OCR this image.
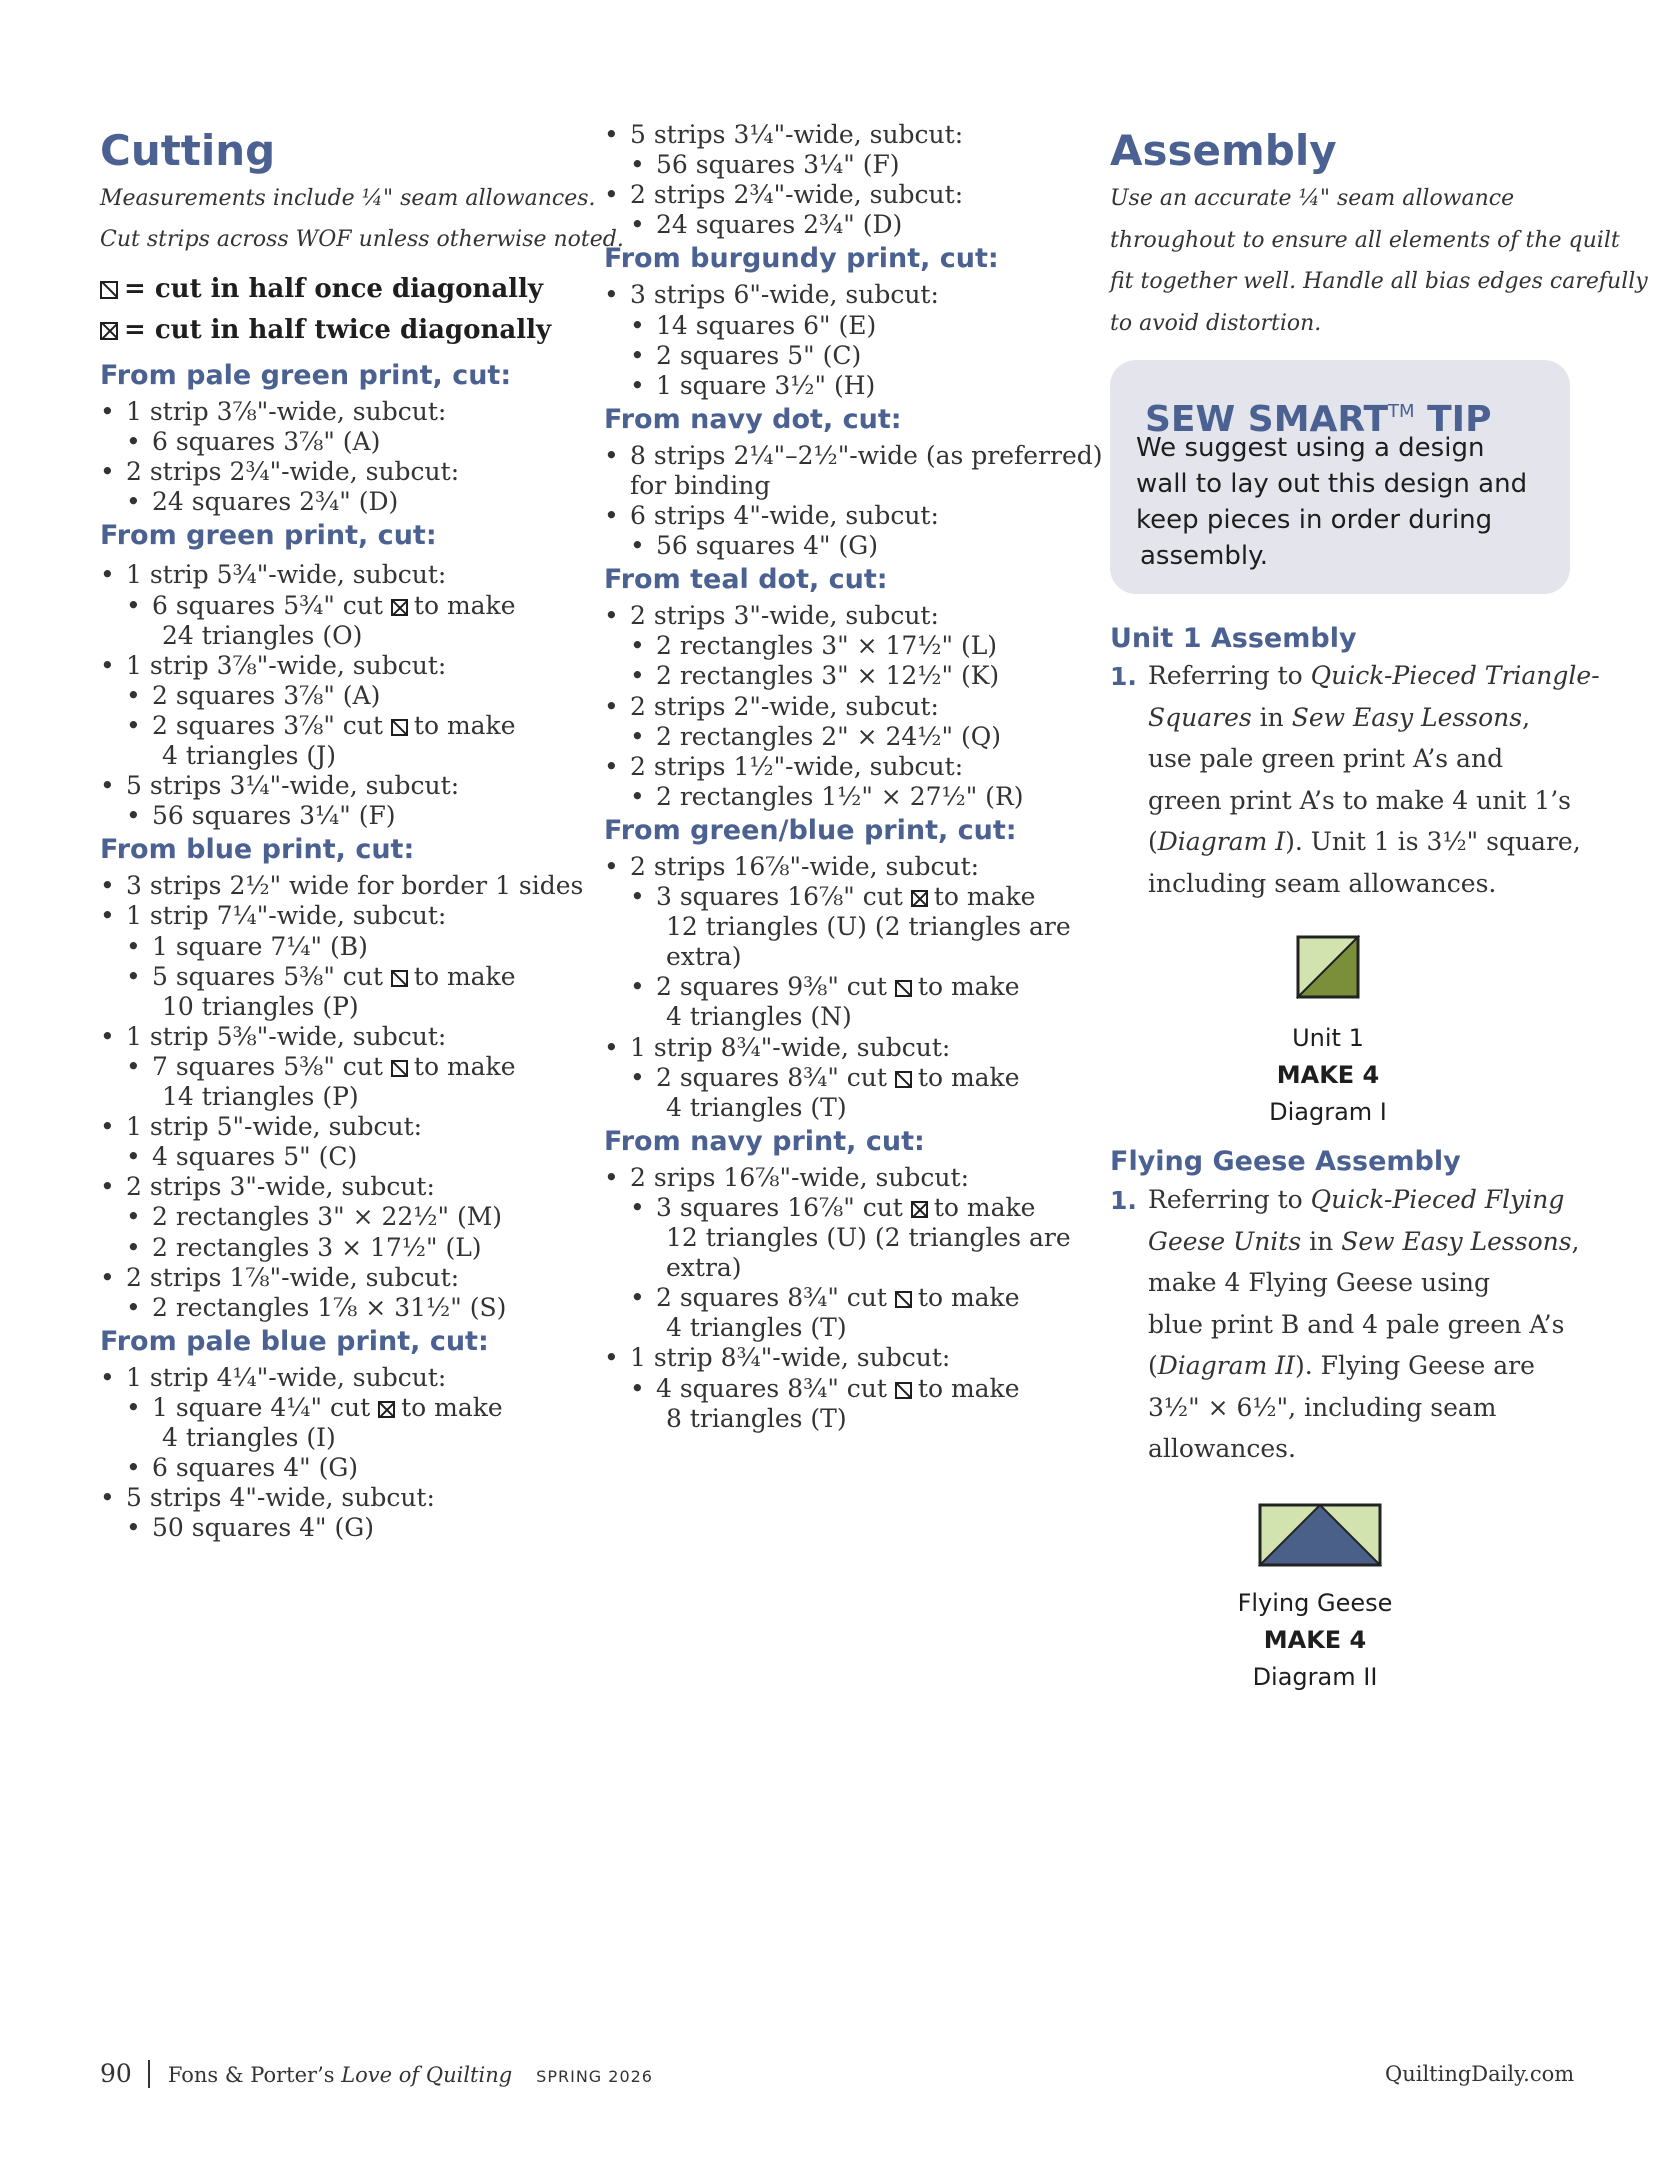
Cutting

Measurements include ¼" seam allowances.

Cut strips across WOF unless otherwise noted.

= cut in half once diagonally
= cut in half twice diagonally
From pale green print, cut:
• 1 strip 3⅞"-wide, subcut:
• 6 squares 3⅞" (A)
• 2 strips 2¾"-wide, subcut:
• 24 squares 2¾" (D)
From green print, cut:
• 1 strip 5¾"-wide, subcut:
• 6 squares 5¾" cut
to make
24 triangles (O)
• 1 strip 3⅞"-wide, subcut:
• 2 squares 3⅞" (A)
• 2 squares 3⅞" cut
to make
4 triangles (J)
• 5 strips 3¼"-wide, subcut:
• 56 squares 3¼" (F)
From blue print, cut:
• 3 strips 2½" wide for border 1 sides
• 1 strip 7¼"-wide, subcut:
• 1 square 7¼" (B)
• 5 squares 5⅜" cut
to make
10 triangles (P)
• 1 strip 5⅜"-wide, subcut:
• 7 squares 5⅜" cut
to make
14 triangles (P)
• 1 strip 5"-wide, subcut:
• 4 squares 5" (C)
• 2 strips 3"-wide, subcut:
• 2 rectangles 3" × 22½" (M)
• 2 rectangles 3 × 17½" (L)
• 2 strips 1⅞"-wide, subcut:
• 2 rectangles 1⅞ × 31½" (S)
From pale blue print, cut:
• 1 strip 4¼"-wide, subcut:
• 1 square 4¼" cut
to make
4 triangles (I)
• 6 squares 4" (G)
• 5 strips 4"-wide, subcut:
• 50 squares 4" (G)
• 5 strips 3¼"-wide, subcut:
• 56 squares 3¼" (F)
• 2 strips 2¾"-wide, subcut:
• 24 squares 2¾" (D)
From burgundy print, cut:
• 3 strips 6"-wide, subcut:
• 14 squares 6" (E)
• 2 squares 5" (C)
• 1 square 3½" (H)
From navy dot, cut:
• 8 strips 2¼"–2½"-wide (as preferred)
for binding
• 6 strips 4"-wide, subcut:
• 56 squares 4" (G)
From teal dot, cut:
• 2 strips 3"-wide, subcut:
• 2 rectangles 3" × 17½" (L)
• 2 rectangles 3" × 12½" (K)
• 2 strips 2"-wide, subcut:
• 2 rectangles 2" × 24½" (Q)
• 2 strips 1½"-wide, subcut:
• 2 rectangles 1½" × 27½" (R)
From green/blue print, cut:
• 2 strips 16⅞"-wide, subcut:
• 3 squares 16⅞" cut
to make
12 triangles (U) (2 triangles are
extra)
• 2 squares 9⅜" cut
to make
4 triangles (N)
• 1 strip 8¾"-wide, subcut:
• 2 squares 8¾" cut
to make
4 triangles (T)
From navy print, cut:
• 2 srips 16⅞"-wide, subcut:
• 3 squares 16⅞" cut
to make
12 triangles (U) (2 triangles are
extra)
• 2 squares 8¾" cut
to make
4 triangles (T)
• 1 strip 8¾"-wide, subcut:
• 4 squares 8¾" cut
to make
8 triangles (T)
Assembly

Use an accurate ¼" seam allowance

throughout to ensure all elements of the quilt

fit together well. Handle all bias edges carefully

to avoid distortion.

SEW SMART™ TIP
We suggest using a design
wall to lay out this design and
keep pieces in order during
assembly.
Unit 1 Assembly
1. Referring to Quick-Pieced Triangle-
Squares in Sew Easy Lessons,
use pale green print A’s and
green print A’s to make 4 unit 1’s
(Diagram I). Unit 1 is 3½" square,
including seam allowances.
Unit 1
MAKE 4
Diagram I
Flying Geese Assembly
1. Referring to Quick-Pieced Flying
Geese Units in Sew Easy Lessons,
make 4 Flying Geese using
blue print B and 4 pale green A’s
(Diagram II). Flying Geese are
3½" × 6½", including seam
allowances.
Flying Geese
MAKE 4
Diagram II
90 Fons & Porter’s Love of Quilting SPRING 2026	QuiltingDaily.com
